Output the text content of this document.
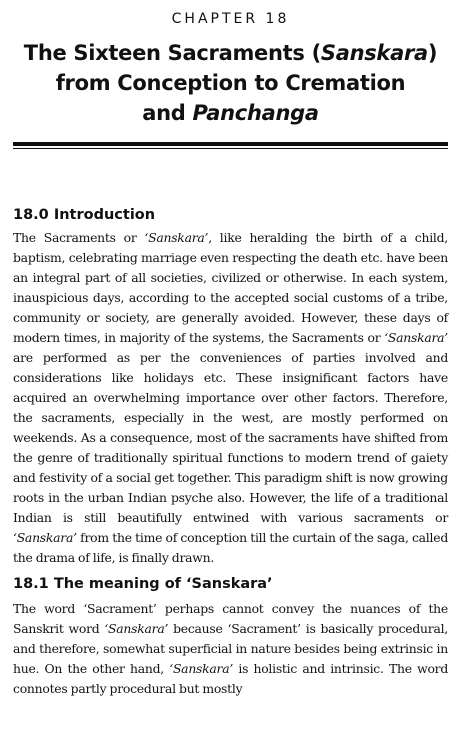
CHAPTER 18
The Sixteen Sacraments (Sanskara)
from Conception to Cremation
and Panchanga
18.0 Introduction

The Sacraments or ‘Sanskara’, like heralding the birth of a child, baptism, celebrating marriage even respecting the death etc. have been an integral part of all societies, civilized or otherwise. In each system, inauspicious days, according to the accepted social customs of a tribe, community or society, are generally avoided. However, these days of modern times, in majority of the systems, the Sacraments or ‘Sanskara’ are performed as per the conveniences of parties involved and considerations like holidays etc. These insignificant factors have acquired an overwhelming importance over other factors. Therefore, the sacraments, especially in the west, are mostly performed on weekends. As a consequence, most of the sacraments have shifted from the genre of traditionally spiritual functions to modern trend of gaiety and festivity of a social get together. This paradigm shift is now growing roots in the urban Indian psyche also. However, the life of a traditional Indian is still beautifully entwined with various sacraments or ‘Sanskara’ from the time of conception till the curtain of the saga, called the drama of life, is finally drawn.

18.1 The meaning of ‘Sanskara’

The word ‘Sacrament’ perhaps cannot convey the nuances of the Sanskrit word ‘Sanskara’ because ‘Sacrament’ is basically procedural, and therefore, somewhat superficial in nature besides being extrinsic in hue. On the other hand, ‘Sanskara’ is holistic and intrinsic. The word connotes partly procedural but mostly
